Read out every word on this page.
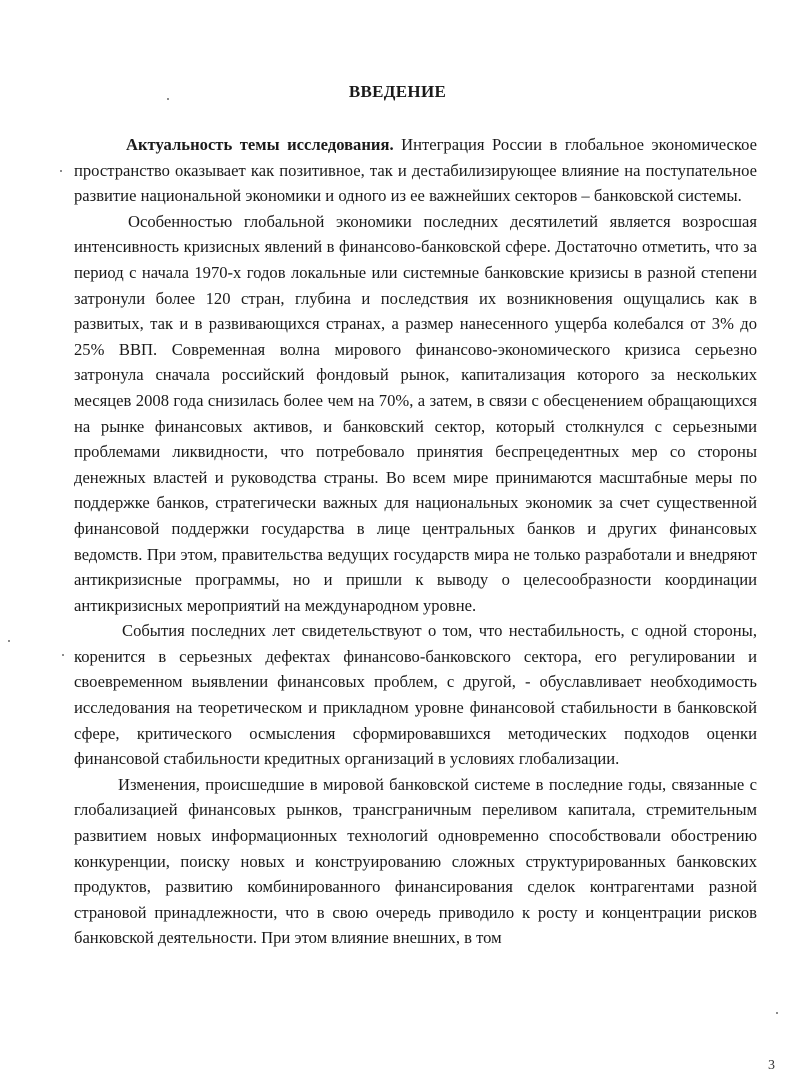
ВВЕДЕНИЕ

Актуальность темы исследования. Интеграция России в глобальное экономическое пространство оказывает как позитивное, так и дестабилизирующее влияние на поступательное развитие национальной экономики и одного из ее важнейших секторов – банковской системы.

Особенностью глобальной экономики последних десятилетий является возросшая интенсивность кризисных явлений в финансово-банковской сфере. Достаточно отметить, что за период с начала 1970-х годов локальные или системные банковские кризисы в разной степени затронули более 120 стран, глубина и последствия их возникновения ощущались как в развитых, так и в развивающихся странах, а размер нанесенного ущерба колебался от 3% до 25% ВВП. Современная волна мирового финансово-экономического кризиса серьезно затронула сначала российский фондовый рынок, капитализация которого за нескольких месяцев 2008 года снизилась более чем на 70%, а затем, в связи с обесценением обращающихся на рынке финансовых активов, и банковский сектор, который столкнулся с серьезными проблемами ликвидности, что потребовало принятия беспрецедентных мер со стороны денежных властей и руководства страны. Во всем мире принимаются масштабные меры по поддержке банков, стратегически важных для национальных экономик за счет существенной финансовой поддержки государства в лице центральных банков и других финансовых ведомств. При этом, правительства ведущих государств мира не только разработали и внедряют антикризисные программы, но и пришли к выводу о целесообразности координации антикризисных мероприятий на международном уровне.

События последних лет свидетельствуют о том, что нестабильность, с одной стороны, коренится в серьезных дефектах финансово-банковского сектора, его регулировании и своевременном выявлении финансовых проблем, с другой, - обуславливает необходимость исследования на теоретическом и прикладном уровне финансовой стабильности в банковской сфере, критического осмысления сформировавшихся методических подходов оценки финансовой стабильности кредитных организаций в условиях глобализации.

Изменения, происшедшие в мировой банковской системе в последние годы, связанные с глобализацией финансовых рынков, трансграничным переливом капитала, стремительным развитием новых информационных технологий одновременно способствовали обострению конкуренции, поиску новых и конструированию сложных структурированных банковских продуктов, развитию комбинированного финансирования сделок контрагентами разной страновой принадлежности, что в свою очередь приводило к росту и концентрации рисков банковской деятельности. При этом влияние внешних, в том

3
